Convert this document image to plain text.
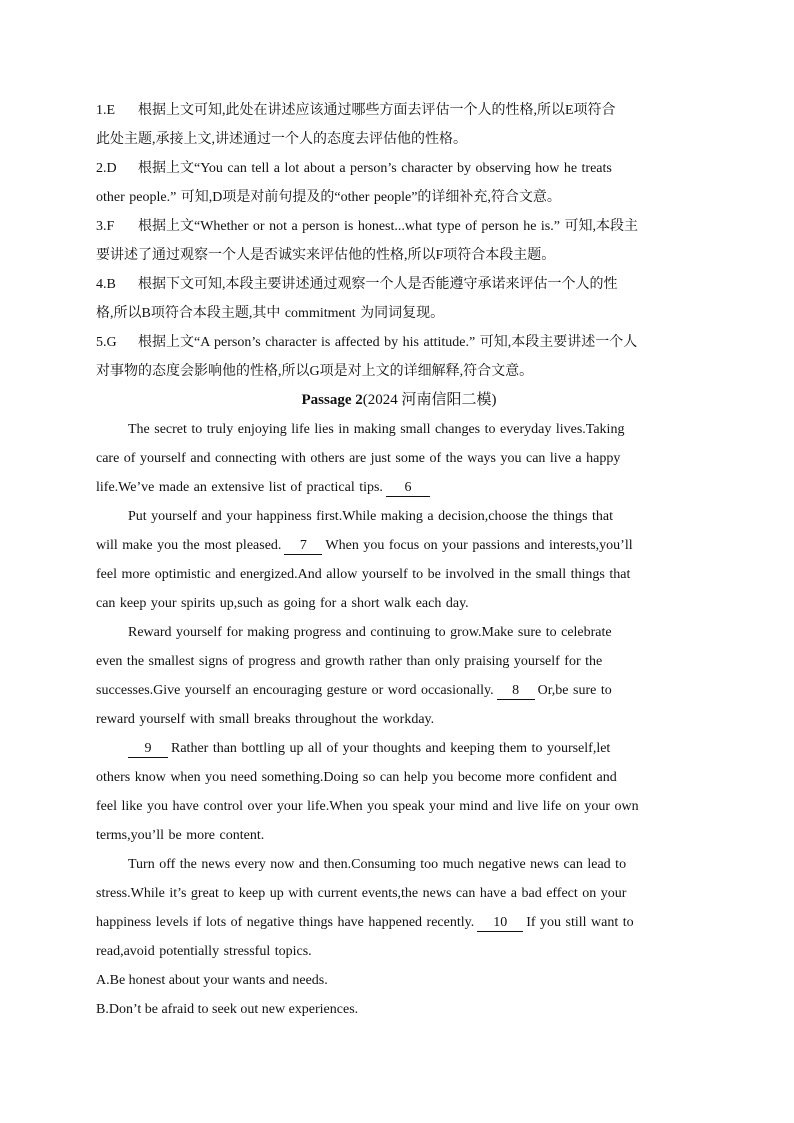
1.E 根据上文可知,此处在讲述应该通过哪些方面去评估一个人的性格,所以E项符合
此处主题,承接上文,讲述通过一个人的态度去评估他的性格。
2.D 根据上文“You can tell a lot about a person’s character by observing how he treats
other people.” 可知,D项是对前句提及的“other people”的详细补充,符合文意。
3.F 根据上文“Whether or not a person is honest...what type of person he is.” 可知,本段主
要讲述了通过观察一个人是否诚实来评估他的性格,所以F项符合本段主题。
4.B 根据下文可知,本段主要讲述通过观察一个人是否能遵守承诺来评估一个人的性
格,所以B项符合本段主题,其中 commitment 为同词复现。
5.G 根据上文“A person’s character is affected by his attitude.” 可知,本段主要讲述一个人
对事物的态度会影响他的性格,所以G项是对上文的详细解释,符合文意。
Passage 2(2024 河南信阳二模)
The secret to truly enjoying life lies in making small changes to everyday lives.Taking
care of yourself and connecting with others are just some of the ways you can live a happy
life.We’ve made an extensive list of practical tips. 6
Put yourself and your happiness first.While making a decision,choose the things that
will make you the most pleased. 7 When you focus on your passions and interests,you’ll
feel more optimistic and energized.And allow yourself to be involved in the small things that
can keep your spirits up,such as going for a short walk each day.
Reward yourself for making progress and continuing to grow.Make sure to celebrate
even the smallest signs of progress and growth rather than only praising yourself for the
successes.Give yourself an encouraging gesture or word occasionally. 8 Or,be sure to
reward yourself with small breaks throughout the workday.
9 Rather than bottling up all of your thoughts and keeping them to yourself,let
others know when you need something.Doing so can help you become more confident and
feel like you have control over your life.When you speak your mind and live life on your own
terms,you’ll be more content.
Turn off the news every now and then.Consuming too much negative news can lead to
stress.While it’s great to keep up with current events,the news can have a bad effect on your
happiness levels if lots of negative things have happened recently. 10 If you still want to
read,avoid potentially stressful topics.
A.Be honest about your wants and needs.
B.Don’t be afraid to seek out new experiences.
